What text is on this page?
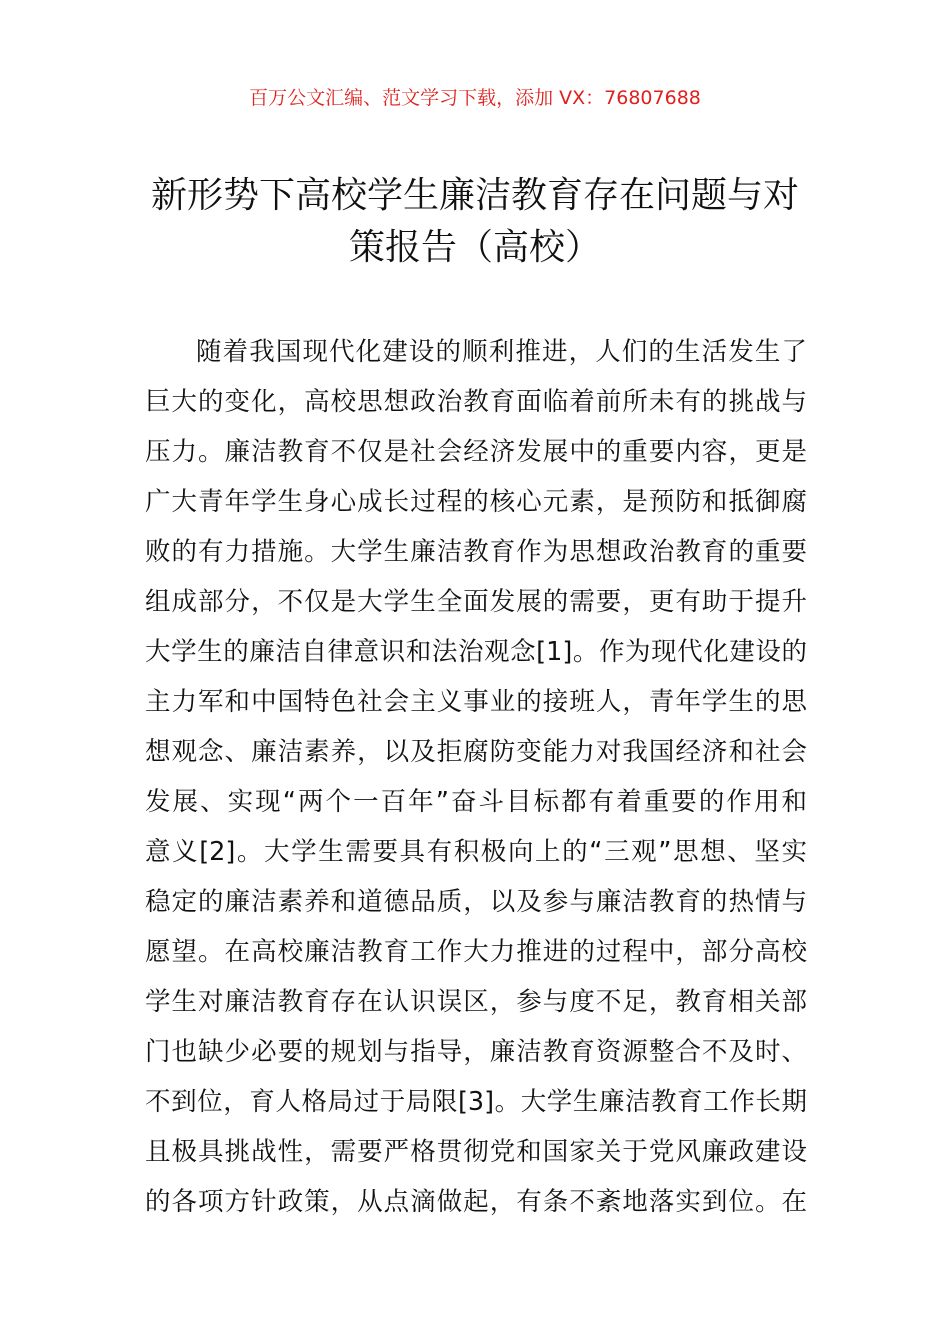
百万公文汇编、范文学习下载，添加 VX：76807688
新形势下高校学生廉洁教育存在问题与对
策报告（高校）
随着我国现代化建设的顺利推进，人们的生活发生了
巨大的变化，高校思想政治教育面临着前所未有的挑战与
压力。廉洁教育不仅是社会经济发展中的重要内容，更是
广大青年学生身心成长过程的核心元素，是预防和抵御腐
败的有力措施。大学生廉洁教育作为思想政治教育的重要
组成部分，不仅是大学生全面发展的需要，更有助于提升
大学生的廉洁自律意识和法治观念[1]。作为现代化建设的
主力军和中国特色社会主义事业的接班人，青年学生的思
想观念、廉洁素养，以及拒腐防变能力对我国经济和社会
发展、实现“两个一百年”奋斗目标都有着重要的作用和
意义[2]。大学生需要具有积极向上的“三观”思想、坚实
稳定的廉洁素养和道德品质，以及参与廉洁教育的热情与
愿望。在高校廉洁教育工作大力推进的过程中，部分高校
学生对廉洁教育存在认识误区，参与度不足，教育相关部
门也缺少必要的规划与指导，廉洁教育资源整合不及时、
不到位，育人格局过于局限[3]。大学生廉洁教育工作长期
且极具挑战性，需要严格贯彻党和国家关于党风廉政建设
的各项方针政策，从点滴做起，有条不紊地落实到位。在
